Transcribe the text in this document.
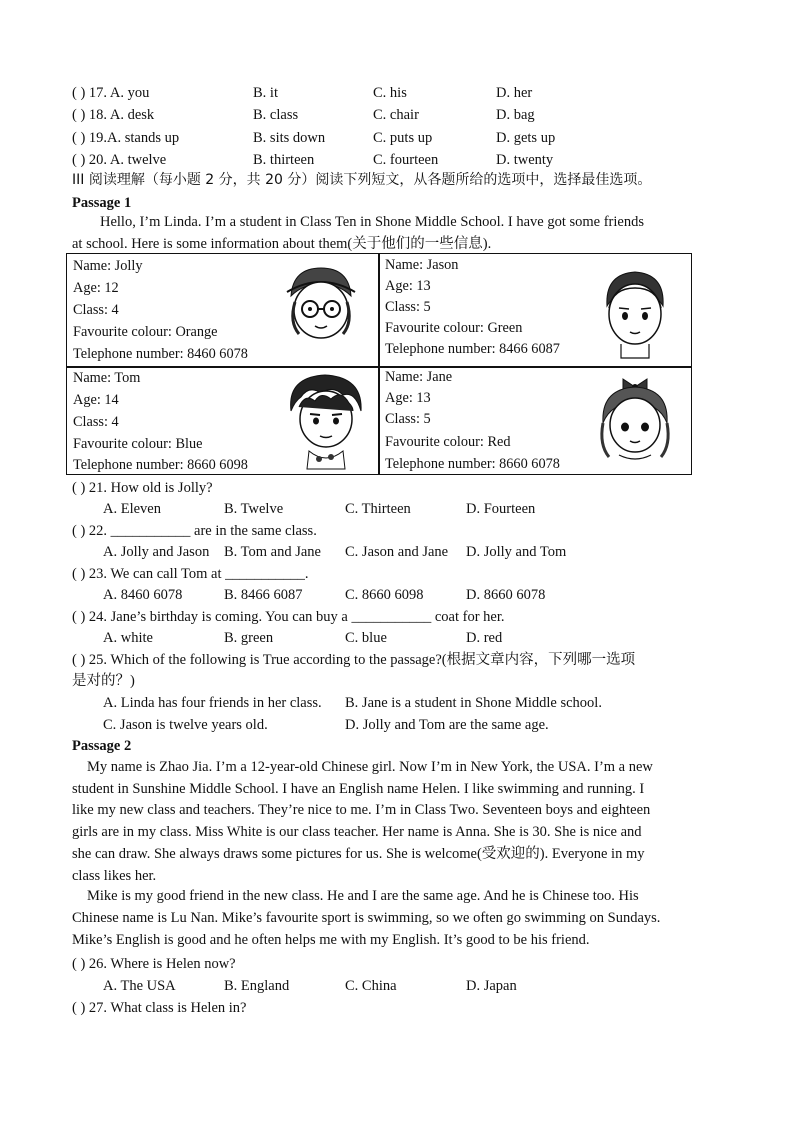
( ) 17. A. you	B. it	C. his	D. her
( ) 18. A. desk	B. class	C. chair	D. bag
( ) 19.A. stands up	B. sits down	C. puts up	D. gets up
( ) 20. A. twelve	B. thirteen	C. fourteen	D. twenty
III 阅读理解（每小题 2 分，共 20 分）阅读下列短文，从各题所给的选项中，选择最佳选项。
Passage 1
Hello, I’m Linda. I’m a student in Class Ten in Shone Middle School. I have got some friends
at school. Here is some information about them(关于他们的一些信息).
Name: Jolly
Age: 12
Class: 4
Favourite colour: Orange
Telephone number: 8460 6078
Name: Jason
Age: 13
Class: 5
Favourite colour: Green
Telephone number: 8466 6087
Name: Tom
Age: 14
Class: 4
Favourite colour: Blue
Telephone number: 8660 6098
Name: Jane
Age: 13
Class: 5
Favourite colour: Red
Telephone number: 8660 6078
( ) 21. How old is Jolly?
A. Eleven	B. Twelve	C. Thirteen	D. Fourteen
( ) 22. ___________ are in the same class.
A. Jolly and Jason B. Tom and Jane C. Jason and Jane D. Jolly and Tom
( ) 23. We can call Tom at ___________.
A. 8460 6078	B. 8466 6087	C. 8660 6098	D. 8660 6078
( ) 24. Jane’s birthday is coming. You can buy a ___________ coat for her.
A. white	B. green	C. blue	D. red
( ) 25. Which of the following is True according to the passage?(根据文章内容，下列哪一选项
是对的？)
A. Linda has four friends in her class. B. Jane is a student in Shone Middle school.
C. Jason is twelve years old.	D. Jolly and Tom are the same age.
Passage 2
My name is Zhao Jia. I’m a 12-year-old Chinese girl. Now I’m in New York, the USA. I’m a new
student in Sunshine Middle School. I have an English name Helen. I like swimming and running. I
like my new class and teachers. They’re nice to me. I’m in Class Two. Seventeen boys and eighteen
girls are in my class. Miss White is our class teacher. Her name is Anna. She is 30. She is nice and
she can draw. She always draws some pictures for us. She is welcome(受欢迎的). Everyone in my
class likes her.
Mike is my good friend in the new class. He and I are the same age. And he is Chinese too. His
Chinese name is Lu Nan. Mike’s favourite sport is swimming, so we often go swimming on Sundays.
Mike’s English is good and he often helps me with my English. It’s good to be his friend.
( ) 26. Where is Helen now?
A. The USA	B. England	C. China	D. Japan
( ) 27. What class is Helen in?
